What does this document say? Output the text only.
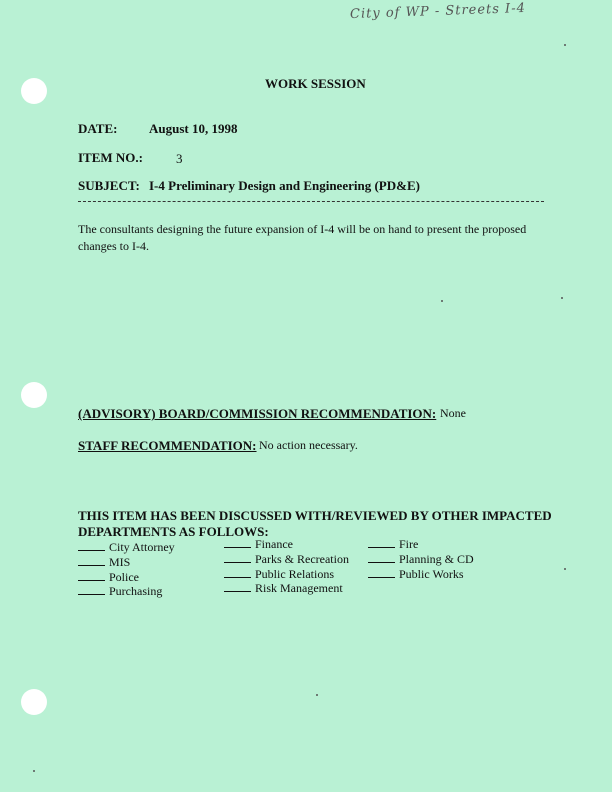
City of WP - Streets I-4
WORK SESSION
DATE: August 10, 1998
ITEM NO.:	3
SUBJECT: I-4 Preliminary Design and Engineering (PD&E)
The consultants designing the future expansion of I-4 will be on hand to present the proposed
changes to I-4.
(ADVISORY) BOARD/COMMISSION RECOMMENDATION: None
STAFF RECOMMENDATION: No action necessary.
THIS ITEM HAS BEEN DISCUSSED WITH/REVIEWED BY OTHER IMPACTED
DEPARTMENTS AS FOLLOWS:
City Attorney
MIS
Police
Purchasing
Finance
Parks & Recreation
Public Relations
Risk Management
Fire
Planning & CD
Public Works
